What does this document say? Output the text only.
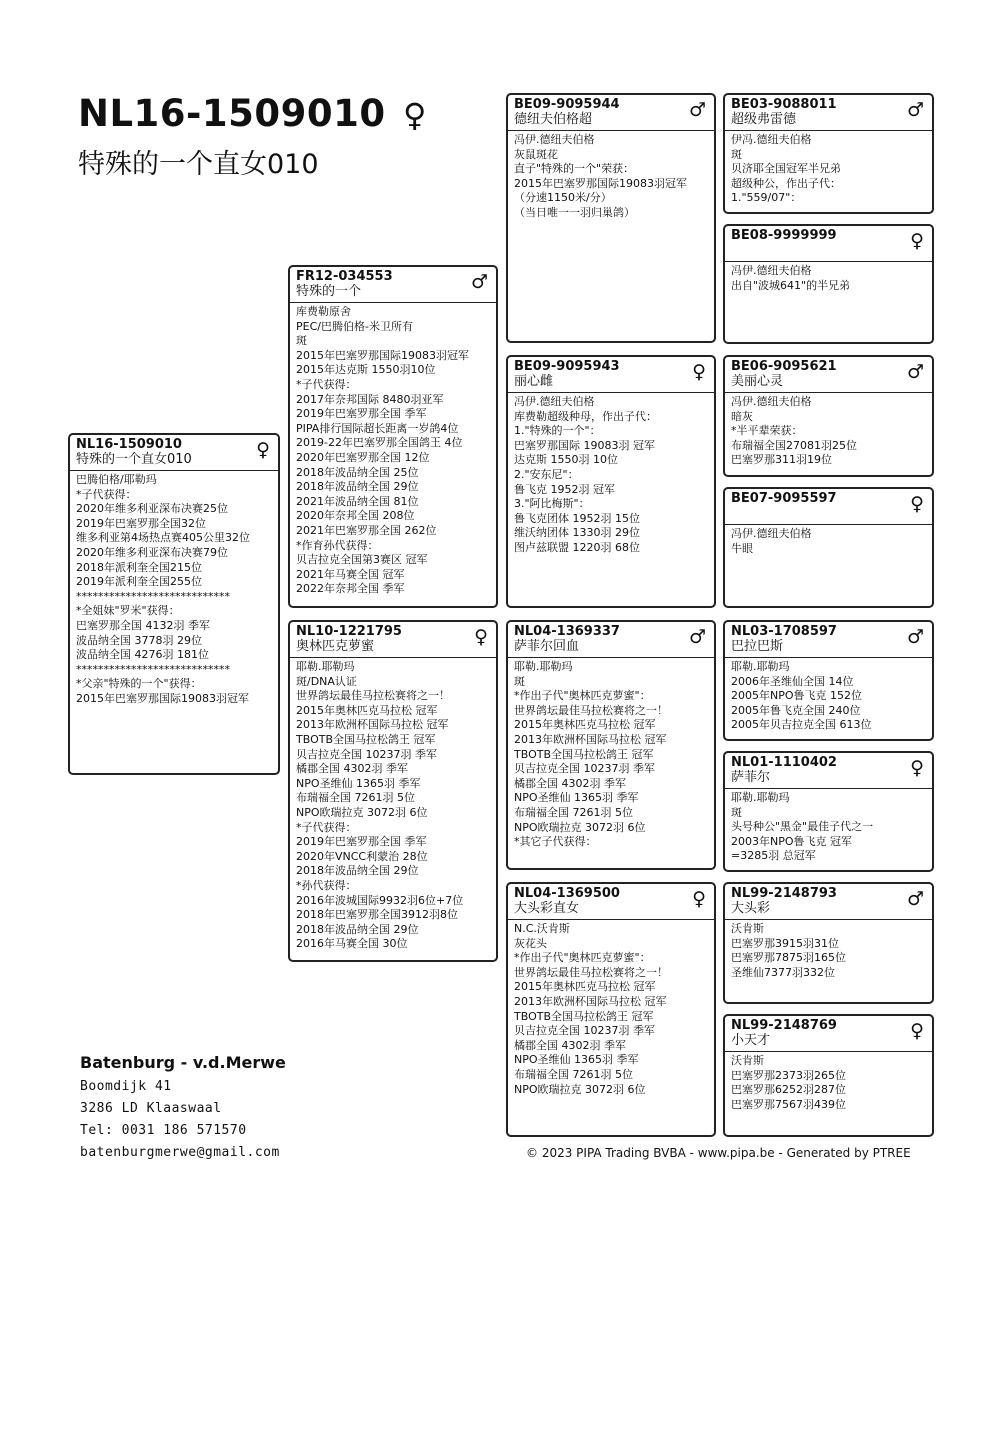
NL16-1509010 ♀
特殊的一个直女010
NL16-1509010
特殊的一个直女010	♀
巴腾伯格/耶勒玛
*子代获得：
2020年维多利亚深布决赛25位
2019年巴塞罗那全国32位
维多利亚第4场热点赛405公里32位
2020年维多利亚深布决赛79位
2018年派利奎全国215位
2019年派利奎全国255位
****************************
*全姐妹"罗米"获得：
巴塞罗那全国 4132羽 季军
波品纳全国 3778羽 29位
波品纳全国 4276羽 181位
****************************
*父亲"特殊的一个"获得：
2015年巴塞罗那国际19083羽冠军
FR12-034553
特殊的一个	♂
库费勒原舍
PEC/巴腾伯格-米卫所有
斑
2015年巴塞罗那国际19083羽冠军
2015年达克斯 1550羽10位
*子代获得：
2017年奈邦国际 8480羽亚军
2019年巴塞罗那全国 季军
PIPA排行国际超长距离一岁鸽4位
2019-22年巴塞罗那全国鸽王 4位
2020年巴塞罗那全国 12位
2018年波品纳全国 25位
2018年波品纳全国 29位
2021年波品纳全国 81位
2020年奈邦全国 208位
2021年巴塞罗那全国 262位
*作育孙代获得：
贝吉拉克全国第3赛区 冠军
2021年马赛全国 冠军
2022年奈邦全国 季军
NL10-1221795
奥林匹克萝蜜	♀
耶勒.耶勒玛
斑/DNA认证
世界鸽坛最佳马拉松赛将之一！
2015年奥林匹克马拉松 冠军
2013年欧洲杯国际马拉松 冠军
TBOTB全国马拉松鸽王 冠军
贝吉拉克全国 10237羽 季军
橘郡全国 4302羽 季军
NPO圣维仙 1365羽 季军
布瑞福全国 7261羽 5位
NPO欧瑞拉克 3072羽 6位
*子代获得：
2019年巴塞罗那全国 季军
2020年VNCC利蒙治 28位
2018年波品纳全国 29位
*孙代获得：
2016年波城国际9932羽6位+7位
2018年巴塞罗那全国3912羽8位
2018年波品纳全国 29位
2016年马赛全国 30位
BE09-9095944
德纽夫伯格超	♂
冯伊.德纽夫伯格
灰鼠斑花
直子"特殊的一个"荣获：
2015年巴塞罗那国际19083羽冠军
（分速1150米/分）
（当日唯一一羽归巢鸽）
BE09-9095943
丽心雌	♀
冯伊.德纽夫伯格
库费勒超级种母，作出子代：
1."特殊的一个"：
巴塞罗那国际 19083羽 冠军
达克斯 1550羽 10位
2."安东尼"：
鲁飞克 1952羽 冠军
3."阿比梅斯"：
鲁飞克团体 1952羽 15位
维沃纳团体 1330羽 29位
图卢兹联盟 1220羽 68位
NL04-1369337
萨菲尔回血	♂
耶勒.耶勒玛
斑
*作出子代"奥林匹克萝蜜"：
世界鸽坛最佳马拉松赛将之一！
2015年奥林匹克马拉松 冠军
2013年欧洲杯国际马拉松 冠军
TBOTB全国马拉松鸽王 冠军
贝吉拉克全国 10237羽 季军
橘郡全国 4302羽 季军
NPO圣维仙 1365羽 季军
布瑞福全国 7261羽 5位
NPO欧瑞拉克 3072羽 6位
*其它子代获得：
NL04-1369500
大头彩直女	♀
N.C.沃肯斯
灰花头
*作出子代"奥林匹克萝蜜"：
世界鸽坛最佳马拉松赛将之一！
2015年奥林匹克马拉松 冠军
2013年欧洲杯国际马拉松 冠军
TBOTB全国马拉松鸽王 冠军
贝吉拉克全国 10237羽 季军
橘郡全国 4302羽 季军
NPO圣维仙 1365羽 季军
布瑞福全国 7261羽 5位
NPO欧瑞拉克 3072羽 6位
BE03-9088011
超级弗雷德	♂
伊冯.德纽夫伯格
斑
贝济耶全国冠军半兄弟
超级种公，作出子代：
1."559/07"：
BE08-9999999	♀
冯伊.德纽夫伯格
出自"波城641"的半兄弟
BE06-9095621
美丽心灵	♂
冯伊.德纽夫伯格
暗灰
*半平辈荣获：
布瑞福全国27081羽25位
巴塞罗那311羽19位
BE07-9095597	♀
冯伊.德纽夫伯格
牛眼
NL03-1708597
巴拉巴斯	♂
耶勒.耶勒玛
2006年圣维仙全国 14位
2005年NPO鲁飞克 152位
2005年鲁飞克全国 240位
2005年贝吉拉克全国 613位
NL01-1110402
萨菲尔	♀
耶勒.耶勒玛
斑
头号种公"黑金"最佳子代之一
2003年NPO鲁飞克 冠军
=3285羽 总冠军
NL99-2148793
大头彩	♂
沃肯斯
巴塞罗那3915羽31位
巴塞罗那7875羽165位
圣维仙7377羽332位
NL99-2148769
小天才	♀
沃肯斯
巴塞罗那2373羽265位
巴塞罗那6252羽287位
巴塞罗那7567羽439位
Batenburg - v.d.Merwe
Boomdijk 41
3286 LD Klaaswaal
Tel: 0031 186 571570
batenburgmerwe@gmail.com	© 2023 PIPA Trading BVBA - www.pipa.be - Generated by PTREE
